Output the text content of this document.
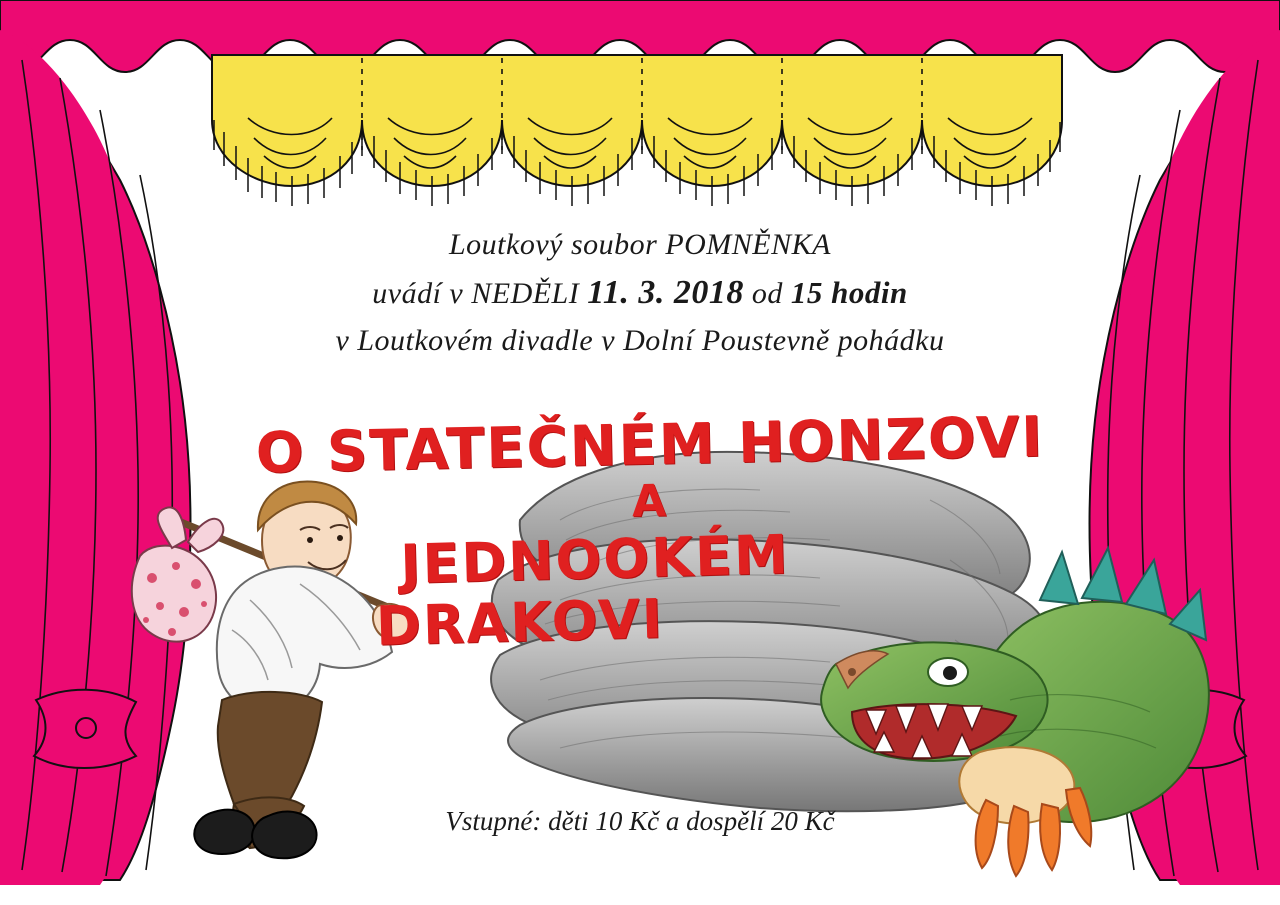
Loutkový soubor POMNĚNKA
uvádí v NEDĚLI 11. 3. 2018 od 15 hodin
v Loutkovém divadle v Dolní Poustevně pohádku
O STATEČNÉM HONZOVI
A
JEDNOOKÉM
DRAKOVI
Vstupné: děti 10 Kč a dospělí 20 Kč
